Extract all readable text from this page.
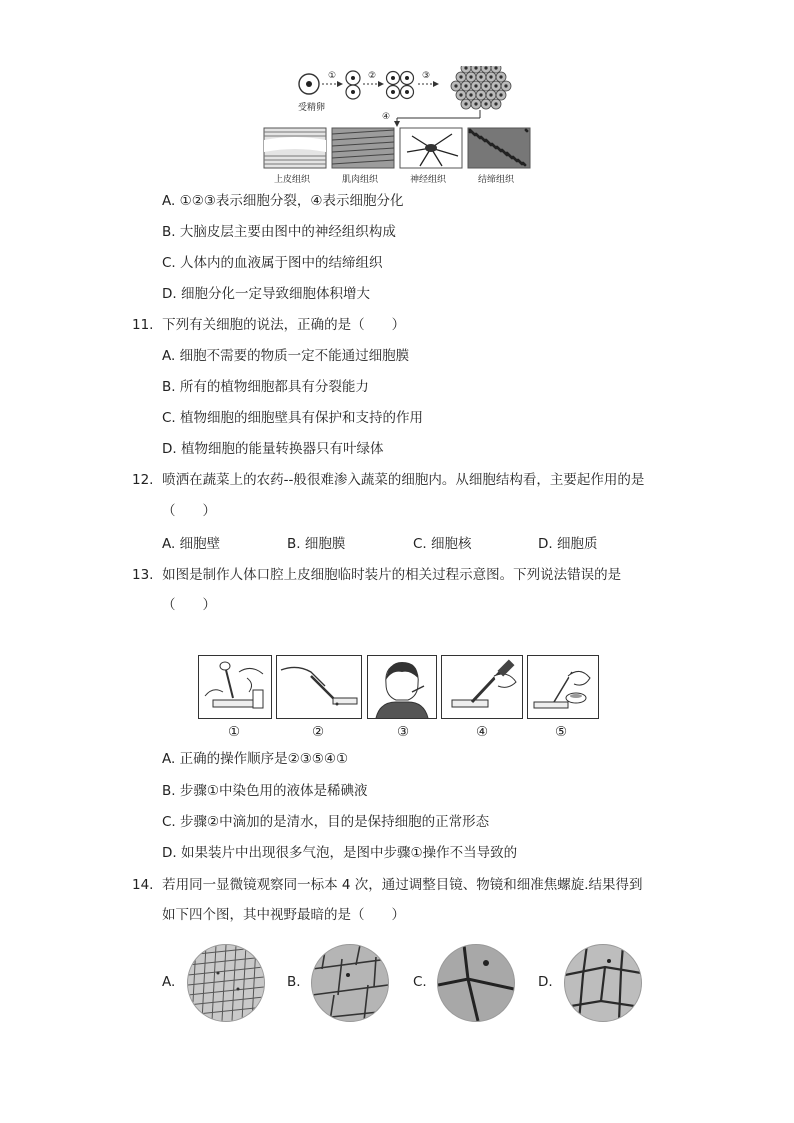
受精卵
①	②	③
④
上皮组织	肌肉组织	神经组织	结缔组织
A. ①②③表示细胞分裂，④表示细胞分化
B. 大脑皮层主要由图中的神经组织构成
C. 人体内的血液属于图中的结缔组织
D. 细胞分化一定导致细胞体积增大
11. 下列有关细胞的说法，正确的是（　　）
A. 细胞不需要的物质一定不能通过细胞膜
B. 所有的植物细胞都具有分裂能力
C. 植物细胞的细胞壁具有保护和支持的作用
D. 植物细胞的能量转换器只有叶绿体
12. 喷洒在蔬菜上的农药--般很难渗入蔬菜的细胞内。从细胞结构看，主要起作用的是
（　　）
A. 细胞壁	B. 细胞膜	C. 细胞核	D. 细胞质
13. 如图是制作人体口腔上皮细胞临时装片的相关过程示意图。下列说法错误的是
（　　）
①	②	③	④	⑤
A. 正确的操作顺序是②③⑤④①
B. 步骤①中染色用的液体是稀碘液
C. 步骤②中滴加的是清水，目的是保持细胞的正常形态
D. 如果装片中出现很多气泡，是图中步骤①操作不当导致的
14. 若用同一显微镜观察同一标本 4 次，通过调整目镜、物镜和细准焦螺旋.结果得到
如下四个图，其中视野最暗的是（　　）
A.	B.	C.	D.
